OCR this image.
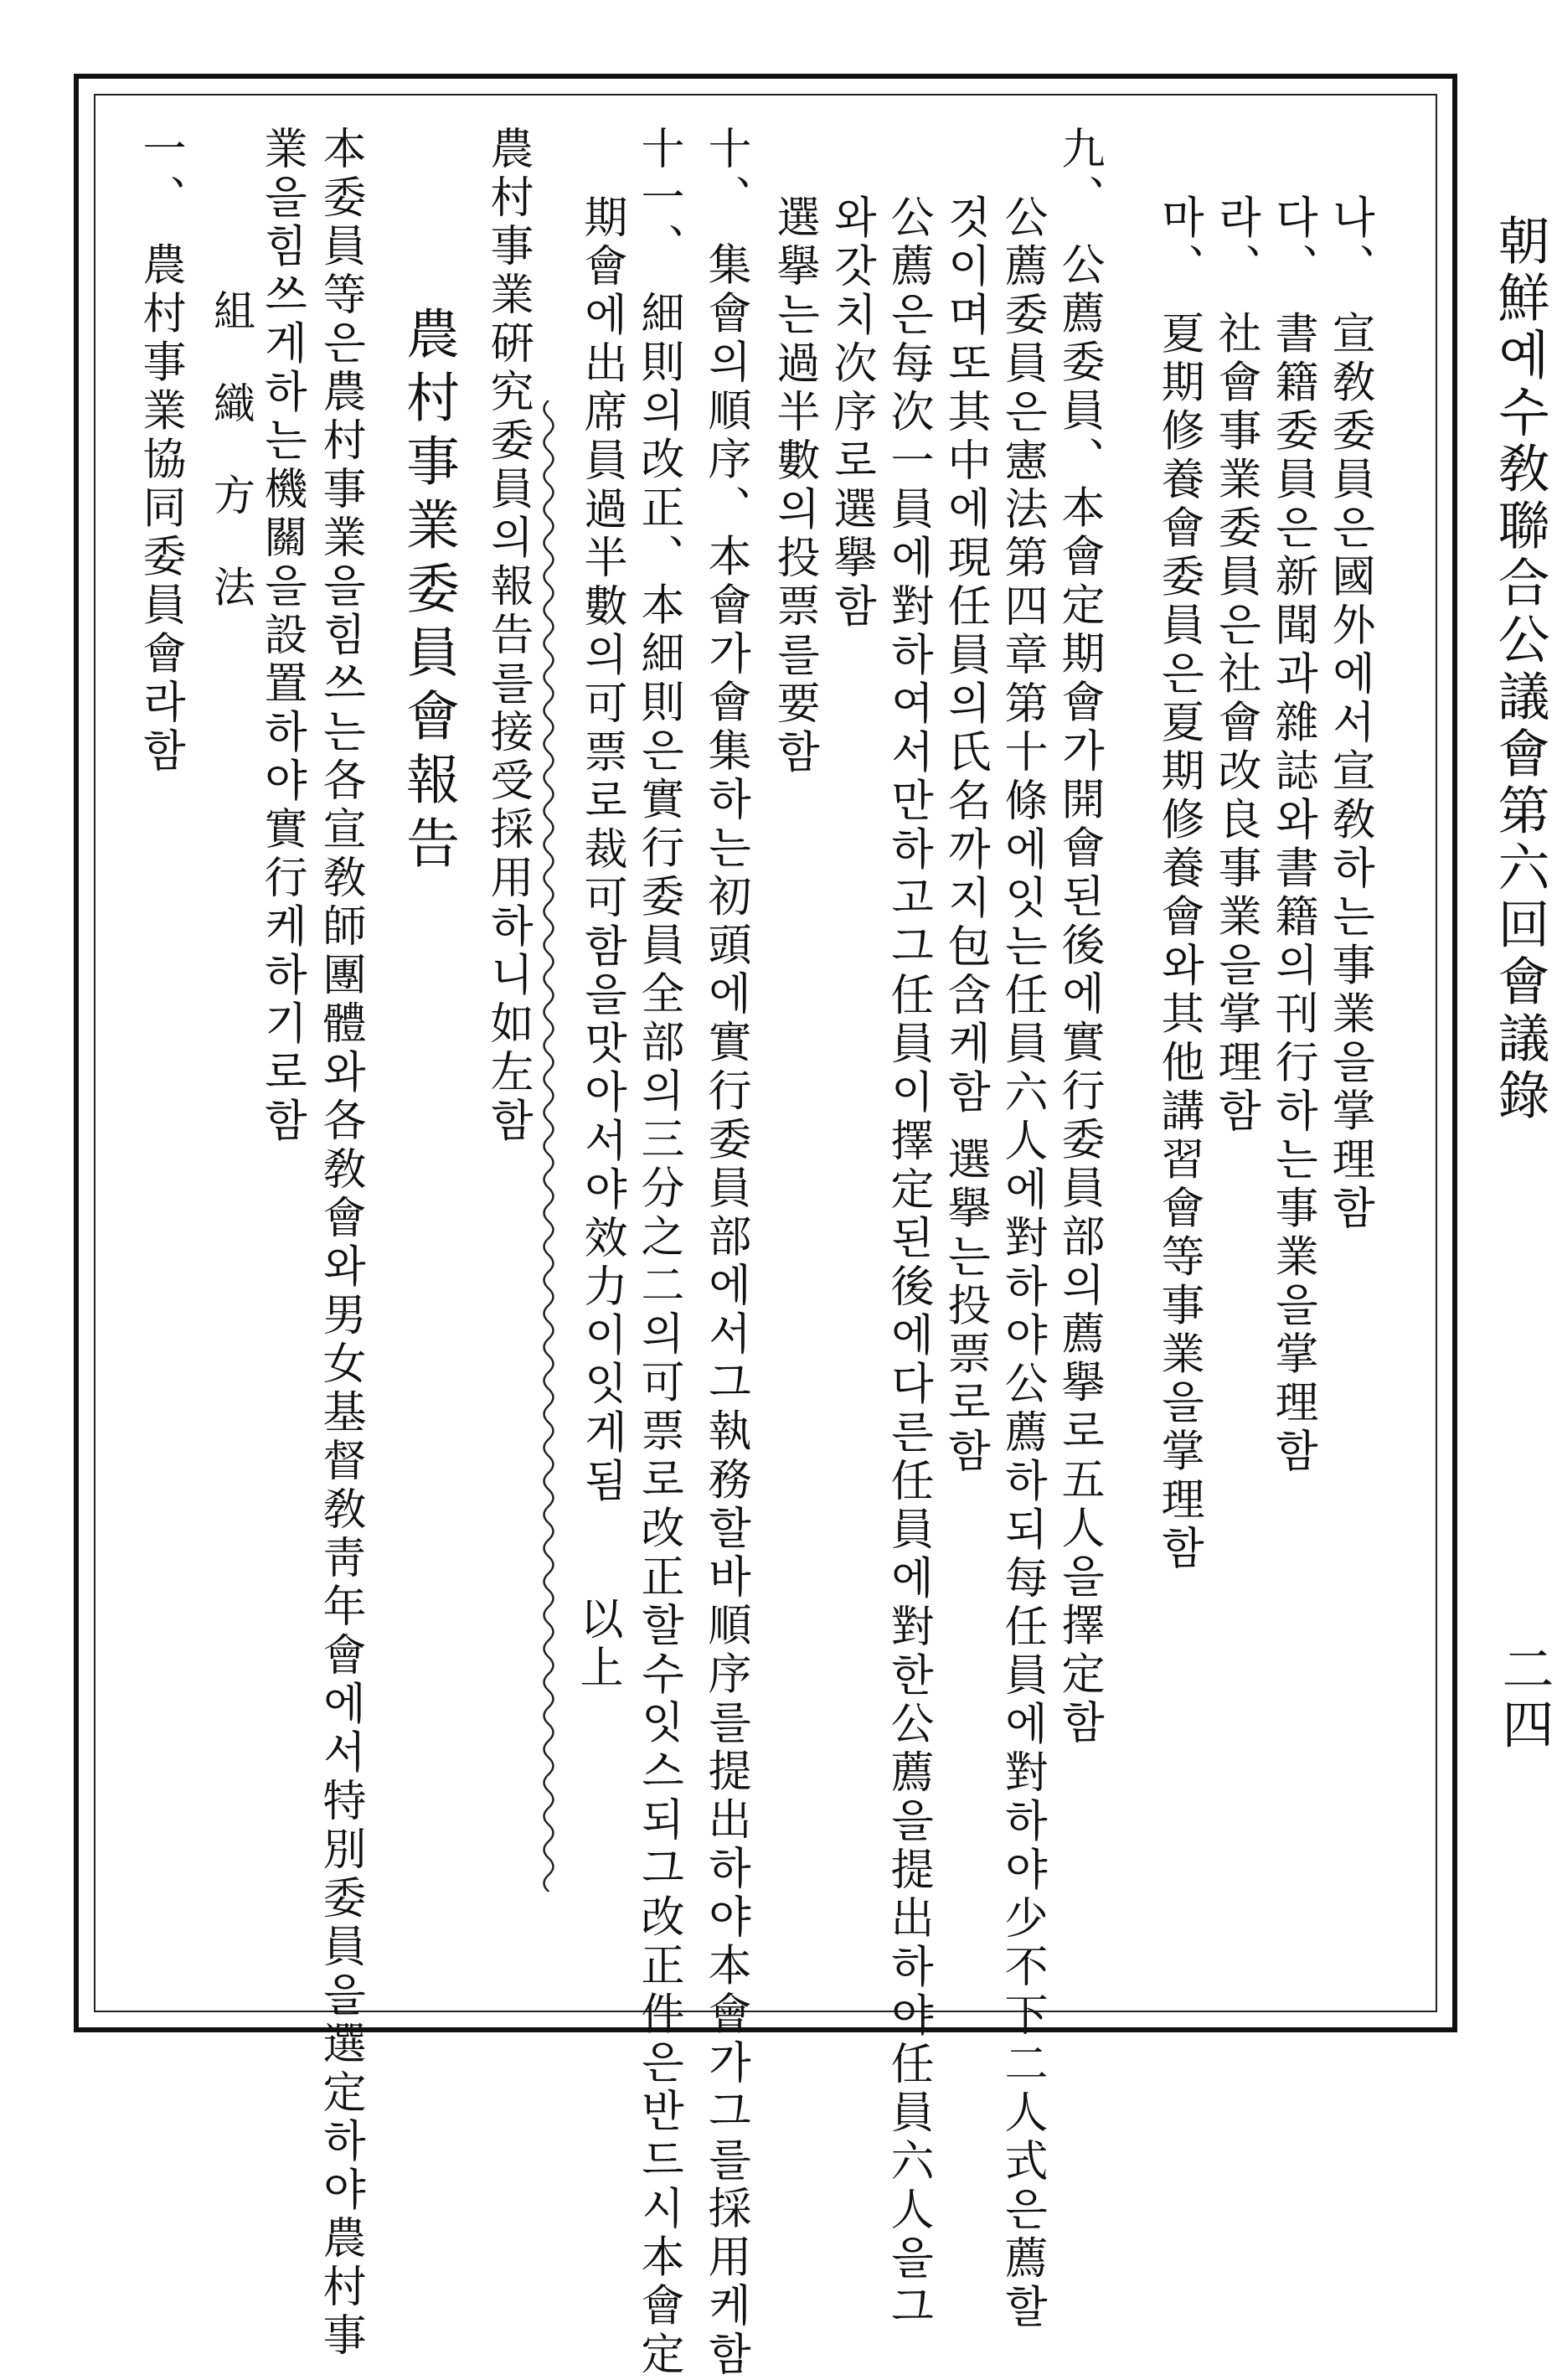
朝鮮예수敎聯合公議會第六回會議錄
二四
나、 宣敎委員은國外에서宣敎하는事業을掌理함
다、 書籍委員은新聞과雜誌와書籍의刊行하는事業을掌理함
라、 社會事業委員은社會改良事業을掌理함
마、 夏期修養會委員은夏期修養會와其他講習會等事業을掌理함
九、 公薦委員、本會定期會가開會된後에實行委員部의薦擧로五人을擇定함
公薦委員은憲法第四章第十條에잇는任員六人에對하야公薦하되每任員에對하야少不下二人式은薦할
것이며또其中에現任員의氏名까지包含케함 選擧는投票로함
公薦은每次一員에對하여서만하고그任員이擇定된後에다른任員에對한公薦을提出하야任員六人을그
와갓치次序로選擧함
選擧는過半數의投票를要함
十、 集會의順序、本會가會集하는初頭에實行委員部에서그執務할바順序를提出하야本會가그를採用케함
十一、 細則의改正、本細則은實行委員全部의三分之二의可票로改正할수잇스되그改正件은반드시本會定
期會에出席員過半數의可票로裁可함을맛아서야效力이잇게됨
以上
農村事業硏究委員의報告를接受採用하니如左함
農村事業委員會報告
本委員等은農村事業을힘쓰는各宣敎師團體와各敎會와男女基督敎靑年會에서特別委員을選定하야農村事
業을힘쓰게하는機關을設置하야實行케하기로함
組 織 方 法
一、 農村事業協同委員會라함
